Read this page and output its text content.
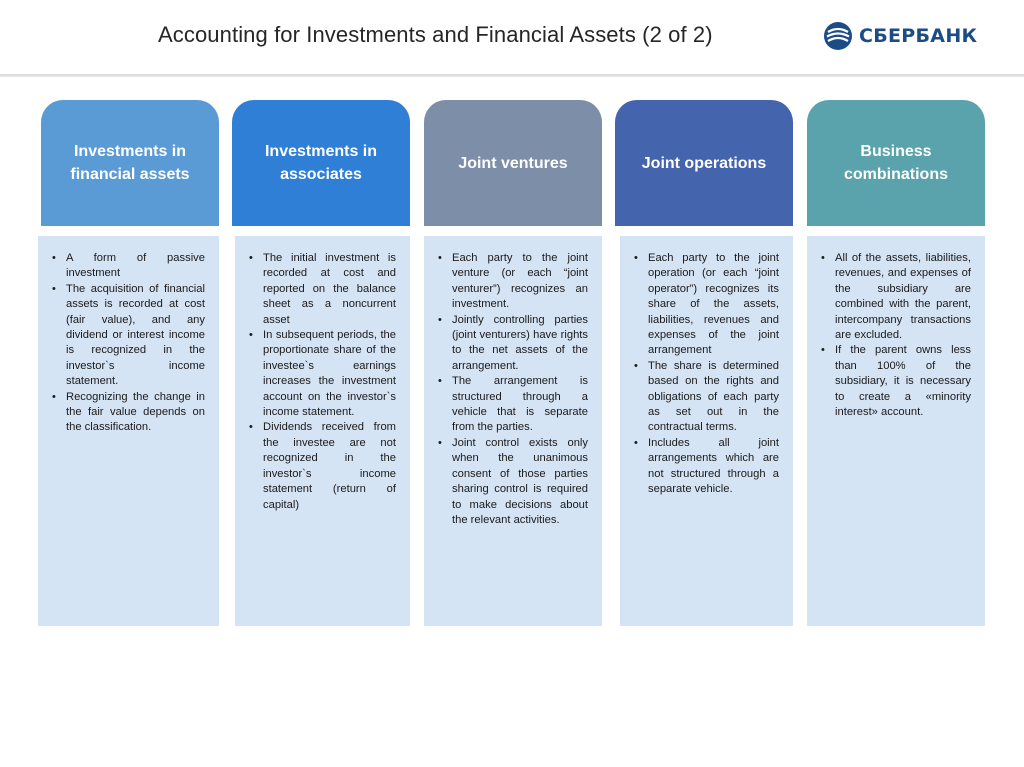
Accounting for Investments and Financial Assets (2 of 2)	СБЕРБАНК
Investments in financial assets
• A form of passive investment
• The acquisition of financial assets is recorded at cost (fair value), and any dividend or interest income is recognized in the investor`s income statement.
• Recognizing the change in the fair value depends on the classification.
Investments in associates
• The initial investment is recorded at cost and reported on the balance sheet as a noncurrent asset
• In subsequent periods, the proportionate share of the investee`s earnings increases the investment account on the investor`s income statement.
• Dividends received from the investee are not recognized in the investor`s income statement (return of capital)
Joint ventures
• Each party to the joint venture (or each “joint venturer”) recognizes an investment.
• Jointly controlling parties (joint venturers) have rights to the net assets of the arrangement.
• The arrangement is structured through a vehicle that is separate from the parties.
• Joint control exists only when the unanimous consent of those parties sharing control is required to make decisions about the relevant activities.
Joint operations
• Each party to the joint operation (or each “joint operator”) recognizes its share of the assets, liabilities, revenues and expenses of the joint arrangement
• The share is determined based on the rights and obligations of each party as set out in the contractual terms.
• Includes all joint arrangements which are not structured through a separate vehicle.
Business combinations
• All of the assets, liabilities, revenues, and expenses of the subsidiary are combined with the parent, intercompany transactions are excluded.
• If the parent owns less than 100% of the subsidiary, it is necessary to create a «minority interest» account.
